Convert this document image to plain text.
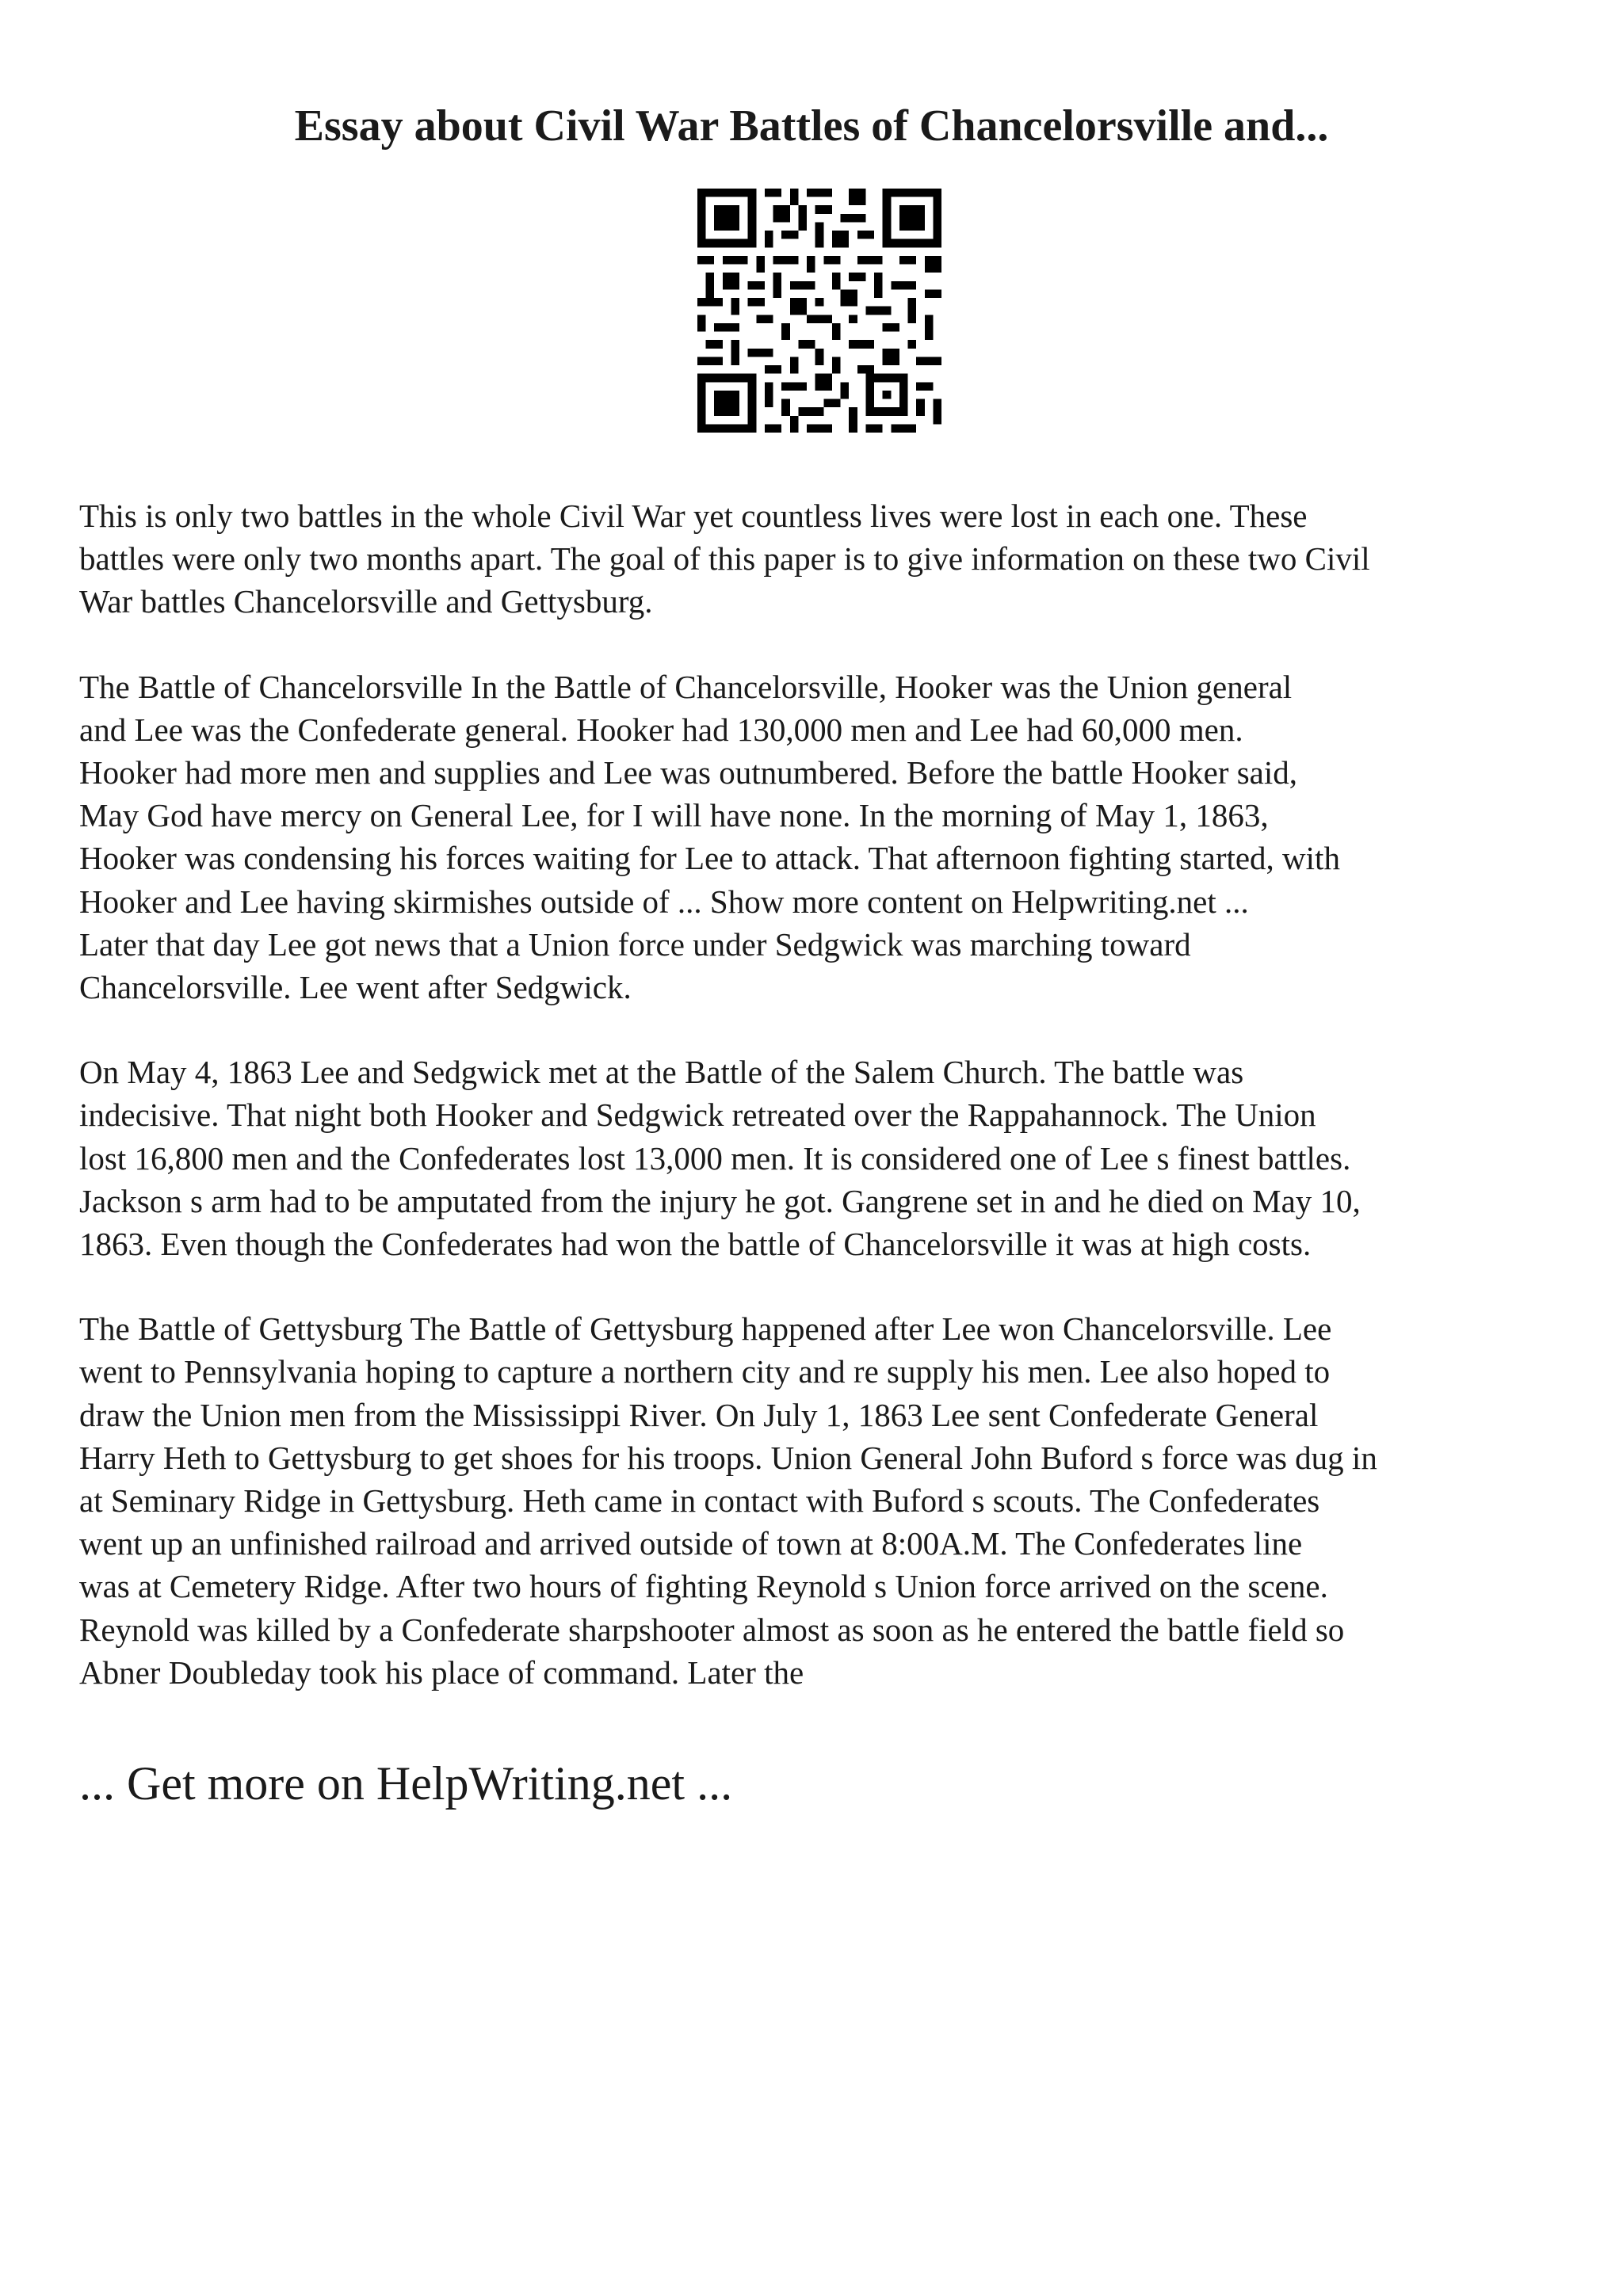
Essay about Civil War Battles of Chancelorsville and...

This is only two battles in the whole Civil War yet countless lives were lost in each one. These
battles were only two months apart. The goal of this paper is to give information on these two Civil
War battles Chancelorsville and Gettysburg.

The Battle of Chancelorsville In the Battle of Chancelorsville, Hooker was the Union general
and Lee was the Confederate general. Hooker had 130,000 men and Lee had 60,000 men.
Hooker had more men and supplies and Lee was outnumbered. Before the battle Hooker said,
May God have mercy on General Lee, for I will have none. In the morning of May 1, 1863,
Hooker was condensing his forces waiting for Lee to attack. That afternoon fighting started, with
Hooker and Lee having skirmishes outside of ... Show more content on Helpwriting.net ...
Later that day Lee got news that a Union force under Sedgwick was marching toward
Chancelorsville. Lee went after Sedgwick.

On May 4, 1863 Lee and Sedgwick met at the Battle of the Salem Church. The battle was
indecisive. That night both Hooker and Sedgwick retreated over the Rappahannock. The Union
lost 16,800 men and the Confederates lost 13,000 men. It is considered one of Lee s finest battles.
Jackson s arm had to be amputated from the injury he got. Gangrene set in and he died on May 10,
1863. Even though the Confederates had won the battle of Chancelorsville it was at high costs.

The Battle of Gettysburg The Battle of Gettysburg happened after Lee won Chancelorsville. Lee
went to Pennsylvania hoping to capture a northern city and re supply his men. Lee also hoped to
draw the Union men from the Mississippi River. On July 1, 1863 Lee sent Confederate General
Harry Heth to Gettysburg to get shoes for his troops. Union General John Buford s force was dug in
at Seminary Ridge in Gettysburg. Heth came in contact with Buford s scouts. The Confederates
went up an unfinished railroad and arrived outside of town at 8:00A.M. The Confederates line
was at Cemetery Ridge. After two hours of fighting Reynold s Union force arrived on the scene.
Reynold was killed by a Confederate sharpshooter almost as soon as he entered the battle field so
Abner Doubleday took his place of command. Later the

... Get more on HelpWriting.net ...
